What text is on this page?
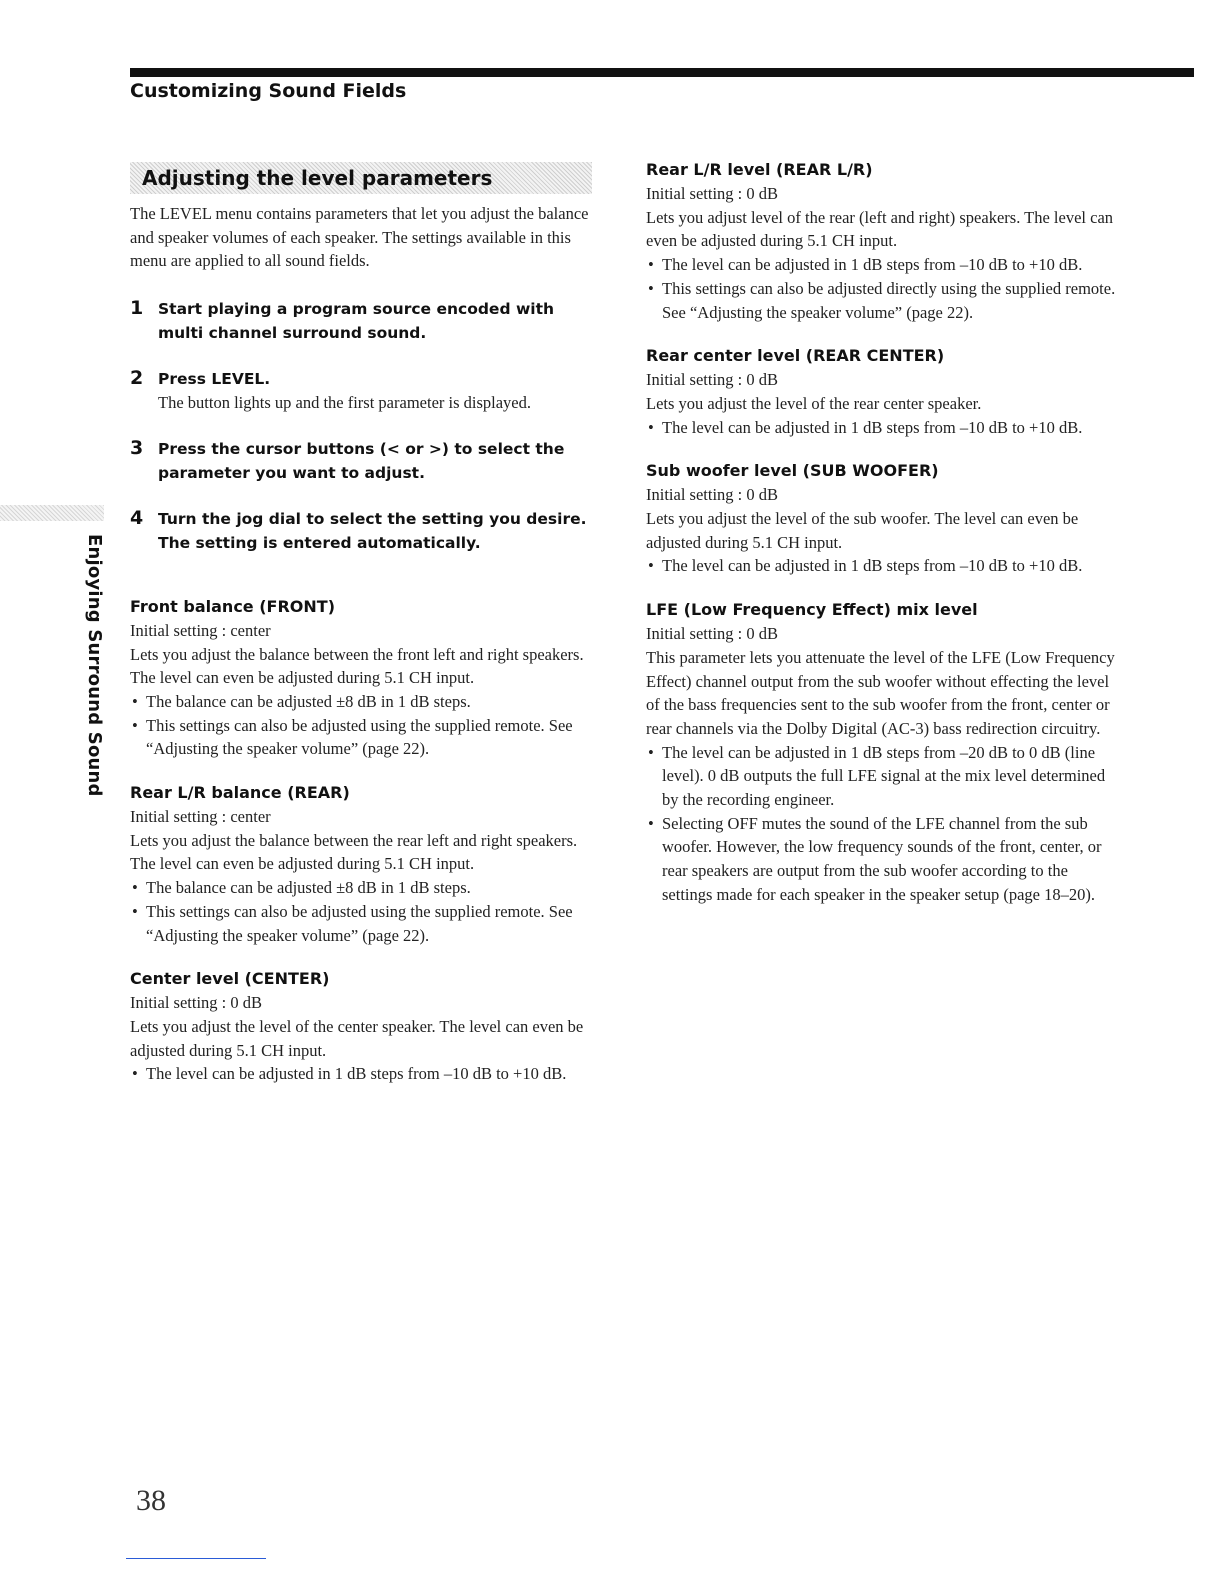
Customizing Sound Fields
Enjoying Surround Sound
Adjusting the level parameters

The LEVEL menu contains parameters that let you adjust the balance and speaker volumes of each speaker. The settings available in this menu are applied to all sound fields.

1 Start playing a program source encoded with multi channel surround sound.
2 Press LEVEL.

The button lights up and the first parameter is displayed.

3 Press the cursor buttons (< or >) to select the parameter you want to adjust.
4 Turn the jog dial to select the setting you desire. The setting is entered automatically.
Front balance (FRONT)

Initial setting : center

Lets you adjust the balance between the front left and right speakers. The level can even be adjusted during 5.1 CH input.

• The balance can be adjusted ±8 dB in 1 dB steps.
• This settings can also be adjusted using the supplied remote. See “Adjusting the speaker volume” (page 22).
Rear L/R balance (REAR)

Initial setting : center

Lets you adjust the balance between the rear left and right speakers. The level can even be adjusted during 5.1 CH input.

• The balance can be adjusted ±8 dB in 1 dB steps.
• This settings can also be adjusted using the supplied remote. See “Adjusting the speaker volume” (page 22).
Center level (CENTER)

Initial setting : 0 dB

Lets you adjust the level of the center speaker. The level can even be adjusted during 5.1 CH input.

• The level can be adjusted in 1 dB steps from –10 dB to +10 dB.
Rear L/R level (REAR L/R)

Initial setting : 0 dB

Lets you adjust level of the rear (left and right) speakers. The level can even be adjusted during 5.1 CH input.

• The level can be adjusted in 1 dB steps from –10 dB to +10 dB.
• This settings can also be adjusted directly using the supplied remote. See “Adjusting the speaker volume” (page 22).
Rear center level (REAR CENTER)

Initial setting : 0 dB

Lets you adjust the level of the rear center speaker.

• The level can be adjusted in 1 dB steps from –10 dB to +10 dB.
Sub woofer level (SUB WOOFER)

Initial setting : 0 dB

Lets you adjust the level of the sub woofer. The level can even be adjusted during 5.1 CH input.

• The level can be adjusted in 1 dB steps from –10 dB to +10 dB.
LFE (Low Frequency Effect) mix level

Initial setting : 0 dB

This parameter lets you attenuate the level of the LFE (Low Frequency Effect) channel output from the sub woofer without effecting the level of the bass frequencies sent to the sub woofer from the front, center or rear channels via the Dolby Digital (AC-3) bass redirection circuitry.

• The level can be adjusted in 1 dB steps from –20 dB to 0 dB (line level). 0 dB outputs the full LFE signal at the mix level determined by the recording engineer.
• Selecting OFF mutes the sound of the LFE channel from the sub woofer. However, the low frequency sounds of the front, center, or rear speakers are output from the sub woofer according to the settings made for each speaker in the speaker setup (page 18–20).
38
